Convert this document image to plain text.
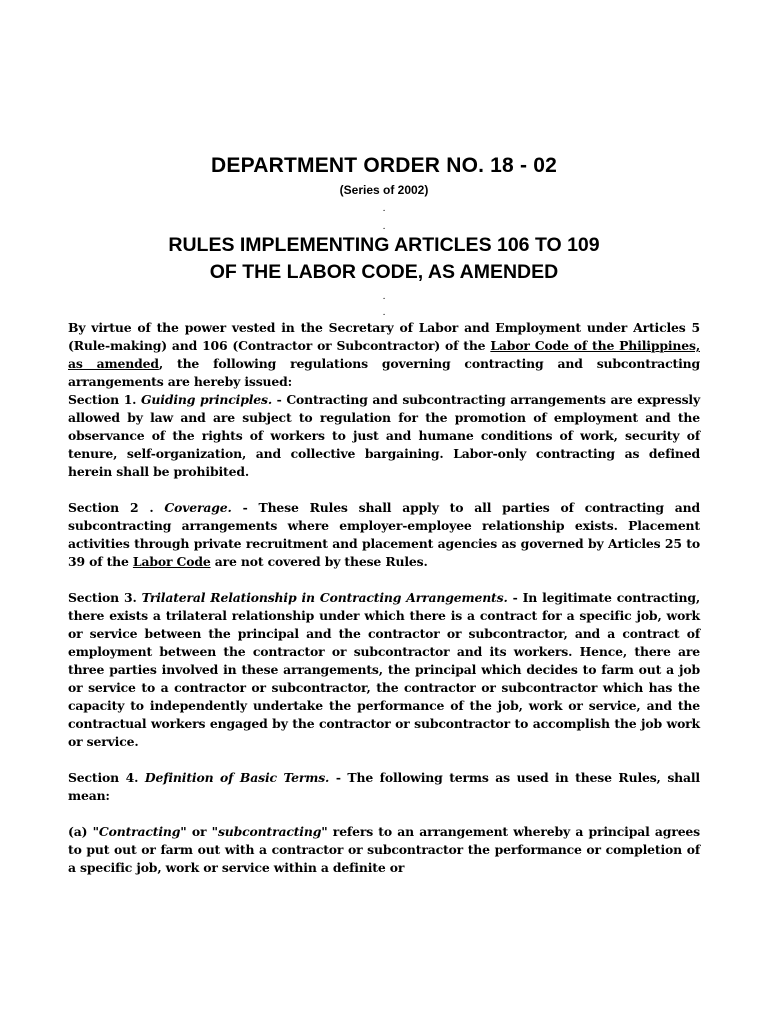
DEPARTMENT ORDER NO. 18 - 02
(Series of 2002)
.
.
RULES IMPLEMENTING ARTICLES 106 TO 109
OF THE LABOR CODE, AS AMENDED
.
.

By virtue of the power vested in the Secretary of Labor and Employment under Articles 5 (Rule-making) and 106 (Contractor or Subcontractor) of the Labor Code of the Philippines, as amended, the following regulations governing contracting and subcontracting arrangements are hereby issued:

Section 1. Guiding principles. - Contracting and subcontracting arrangements are expressly allowed by law and are subject to regulation for the promotion of employment and the observance of the rights of workers to just and humane conditions of work, security of tenure, self-organization, and collective bargaining. Labor-only contracting as defined herein shall be prohibited.

Section 2 . Coverage. - These Rules shall apply to all parties of contracting and subcontracting arrangements where employer-employee relationship exists. Placement activities through private recruitment and placement agencies as governed by Articles 25 to 39 of the Labor Code are not covered by these Rules.

Section 3. Trilateral Relationship in Contracting Arrangements. - In legitimate contracting, there exists a trilateral relationship under which there is a contract for a specific job, work or service between the principal and the contractor or subcontractor, and a contract of employment between the contractor or subcontractor and its workers. Hence, there are three parties involved in these arrangements, the principal which decides to farm out a job or service to a contractor or subcontractor, the contractor or subcontractor which has the capacity to independently undertake the performance of the job, work or service, and the contractual workers engaged by the contractor or subcontractor to accomplish the job work or service.

Section 4. Definition of Basic Terms. - The following terms as used in these Rules, shall mean:

(a) "Contracting" or "subcontracting" refers to an arrangement whereby a principal agrees to put out or farm out with a contractor or subcontractor the performance or completion of a specific job, work or service within a definite or
